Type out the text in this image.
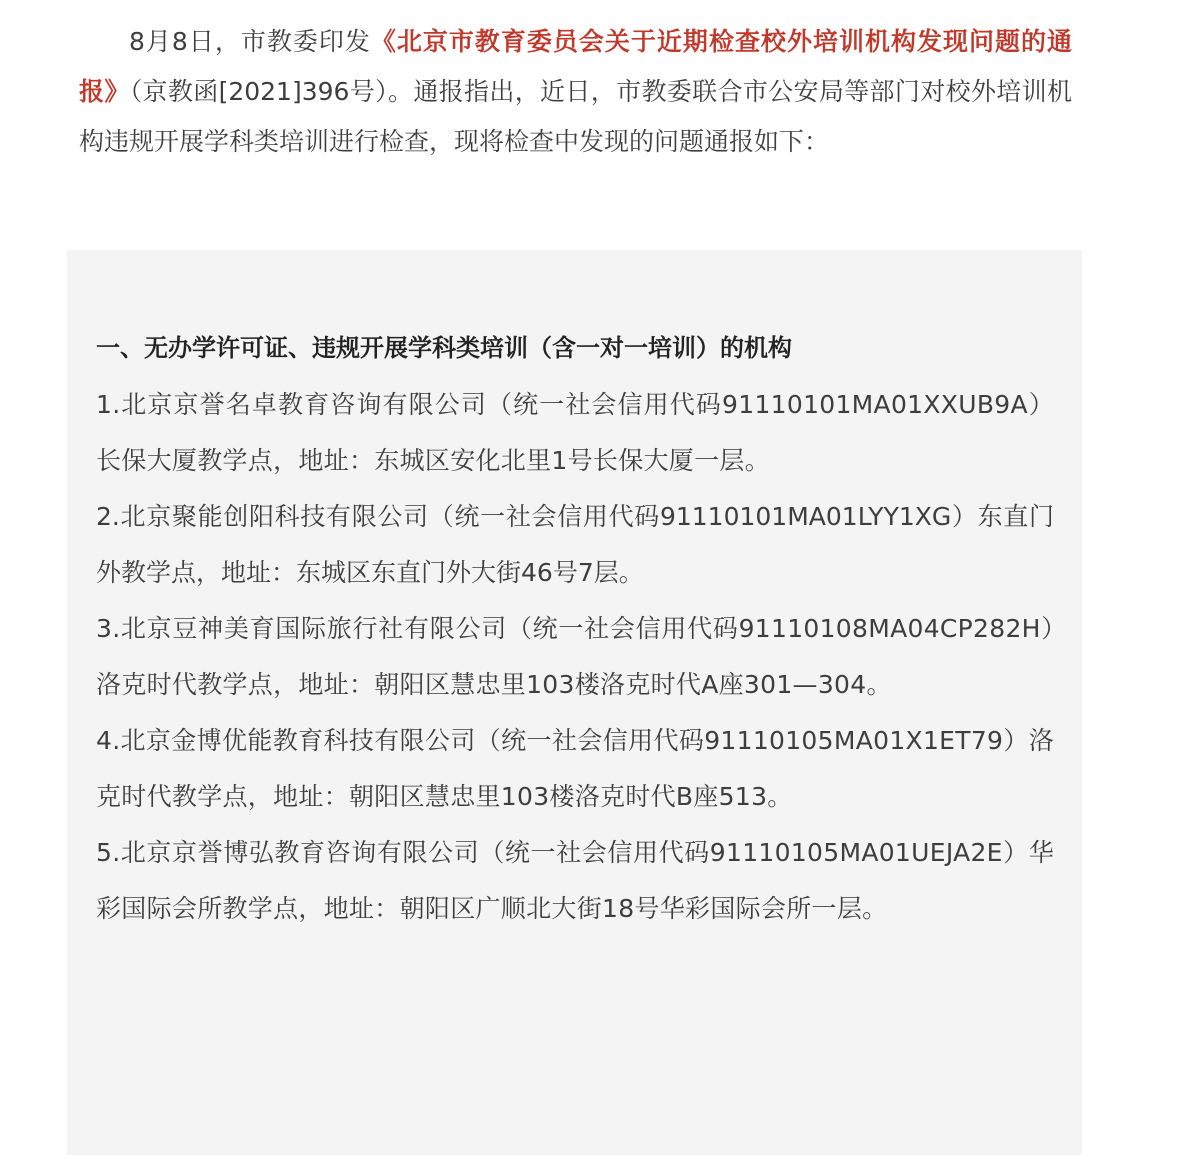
8月8日，市教委印发《北京市教育委员会关于近期检查校外培训机构发现问题的通报》（京教函[2021]396号）。通报指出，近日，市教委联合市公安局等部门对校外培训机构违规开展学科类培训进行检查，现将检查中发现的问题通报如下：

一、无办学许可证、违规开展学科类培训（含一对一培训）的机构
1.北京京誉名卓教育咨询有限公司（统一社会信用代码91110101MA01XXUB9A）长保大厦教学点，地址：东城区安化北里1号长保大厦一层。
2.北京聚能创阳科技有限公司（统一社会信用代码91110101MA01LYY1XG）东直门外教学点，地址：东城区东直门外大街46号7层。
3.北京豆神美育国际旅行社有限公司（统一社会信用代码91110108MA04CP282H）洛克时代教学点，地址：朝阳区慧忠里103楼洛克时代A座301—304。
4.北京金博优能教育科技有限公司（统一社会信用代码91110105MA01X1ET79）洛克时代教学点，地址：朝阳区慧忠里103楼洛克时代B座513。
5.北京京誉博弘教育咨询有限公司（统一社会信用代码91110105MA01UEJA2E）华彩国际会所教学点，地址：朝阳区广顺北大街18号华彩国际会所一层。
